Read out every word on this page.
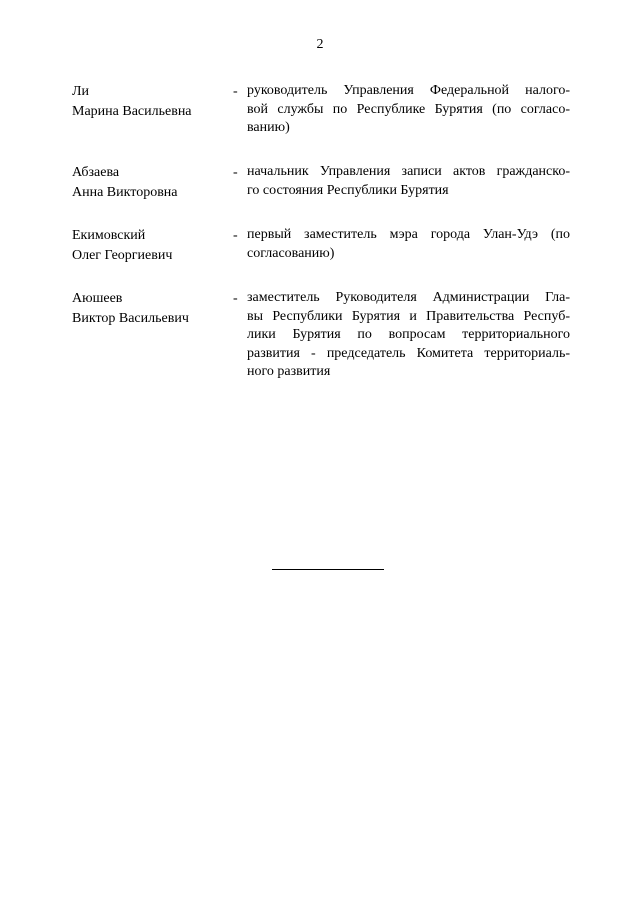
2
Ли
Марина Васильевна
- руководитель Управления Федеральной налого-
вой службы по Республике Бурятия (по согласо-
ванию)
Абзаева
Анна Викторовна
- начальник Управления записи актов гражданско-
го состояния Республики Бурятия
Екимовский
Олег Георгиевич
- первый заместитель мэра города Улан-Удэ (по
согласованию)
Аюшеев
Виктор Васильевич
- заместитель Руководителя Администрации Гла-
вы Республики Бурятия и Правительства Респуб-
лики Бурятия по вопросам территориального
развития - председатель Комитета территориаль-
ного развития
